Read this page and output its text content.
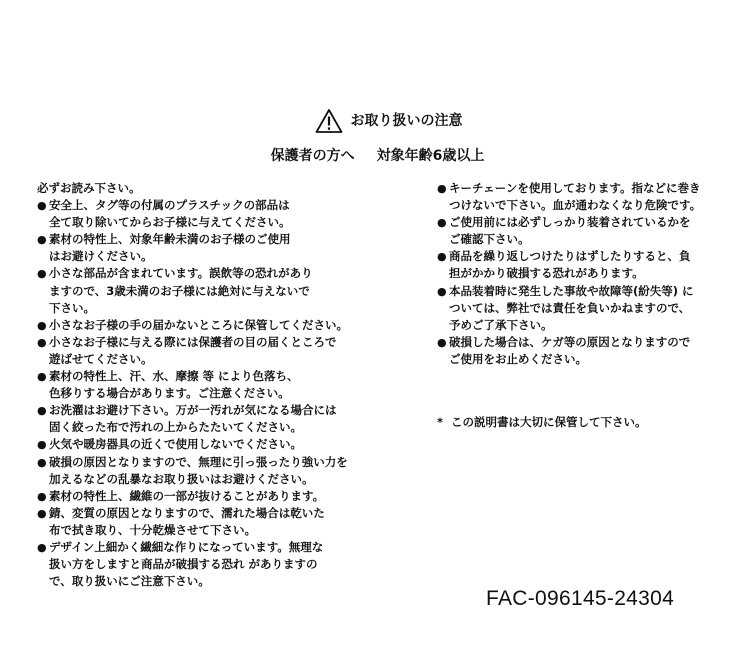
お取り扱いの注意
保護者の方へ 対象年齢6歳以上
必ずお読み下さい。
● 安全上、タグ等の付属のプラスチックの部品は
全て取り除いてからお子様に与えてください。
● 素材の特性上、対象年齢未満のお子様のご使用
はお避けください。
● 小さな部品が含まれています。誤飲等の恐れがあり
ますので、3歳未満のお子様には絶対に与えないで
下さい。
● 小さなお子様の手の届かないところに保管してください。
● 小さなお子様に与える際には保護者の目の届くところで
遊ばせてください。
● 素材の特性上、汗、水、摩擦 等 により色落ち、
色移りする場合があります。ご注意ください。
● お洗濯はお避け下さい。万が一汚れが気になる場合には
固く絞った布で汚れの上からたたいてください。
● 火気や暖房器具の近くで使用しないでください。
● 破損の原因となりますので、無理に引っ張ったり強い力を
加えるなどの乱暴なお取り扱いはお避けください。
● 素材の特性上、繊維の一部が抜けることがあります。
● 錆、変質の原因となりますので、濡れた場合は乾いた
布で拭き取り、十分乾燥させて下さい。
● デザイン上細かく繊細な作りになっています。無理な
扱い方をしますと商品が破損する恐れ がありますの
で、取り扱いにご注意下さい。
● キーチェーンを使用しております。指などに巻き
つけないで下さい。血が通わなくなり危険です。
● ご使用前には必ずしっかり装着されているかを
ご確認下さい。
● 商品を繰り返しつけたりはずしたりすると、負
担がかかり破損する恐れがあります。
● 本品装着時に発生した事故や故障等(紛失等) に
ついては、弊社では責任を負いかねますので、
予めご了承下さい。
● 破損した場合は、ケガ等の原因となりますので
ご使用をお止めください。
* この説明書は大切に保管して下さい。
FAC-096145-24304
